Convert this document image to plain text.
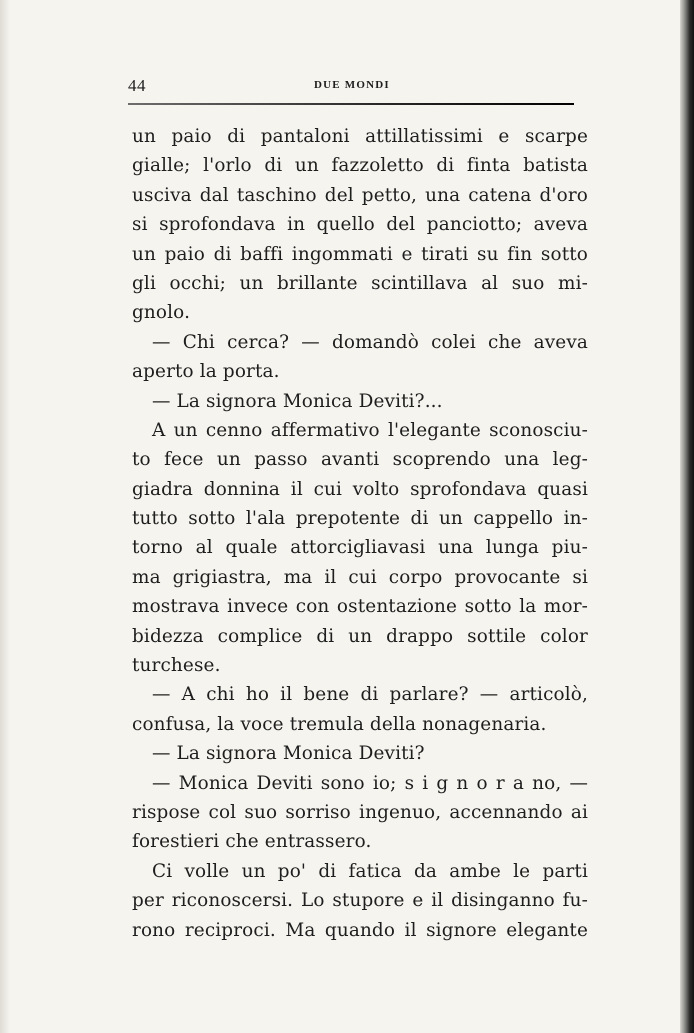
44	DUE MONDI
un paio di pantaloni attillatissimi e scarpe
gialle; l'orlo di un fazzoletto di finta batista
usciva dal taschino del petto, una catena d'oro
si sprofondava in quello del panciotto; aveva
un paio di baffi ingommati e tirati su fin sotto
gli occhi; un brillante scintillava al suo mi-
gnolo.
— Chi cerca? — domandò colei che aveva
aperto la porta.
— La signora Monica Deviti?...
A un cenno affermativo l'elegante sconosciu-
to fece un passo avanti scoprendo una leg-
giadra donnina il cui volto sprofondava quasi
tutto sotto l'ala prepotente di un cappello in-
torno al quale attorcigliavasi una lunga piu-
ma grigiastra, ma il cui corpo provocante si
mostrava invece con ostentazione sotto la mor-
bidezza complice di un drappo sottile color
turchese.
— A chi ho il bene di parlare? — articolò,
confusa, la voce tremula della nonagenaria.
— La signora Monica Deviti?
— Monica Deviti sono io; s i g n o r a no, —
rispose col suo sorriso ingenuo, accennando ai
forestieri che entrassero.
Ci volle un po' di fatica da ambe le parti
per riconoscersi. Lo stupore e il disinganno fu-
rono reciproci. Ma quando il signore elegante
